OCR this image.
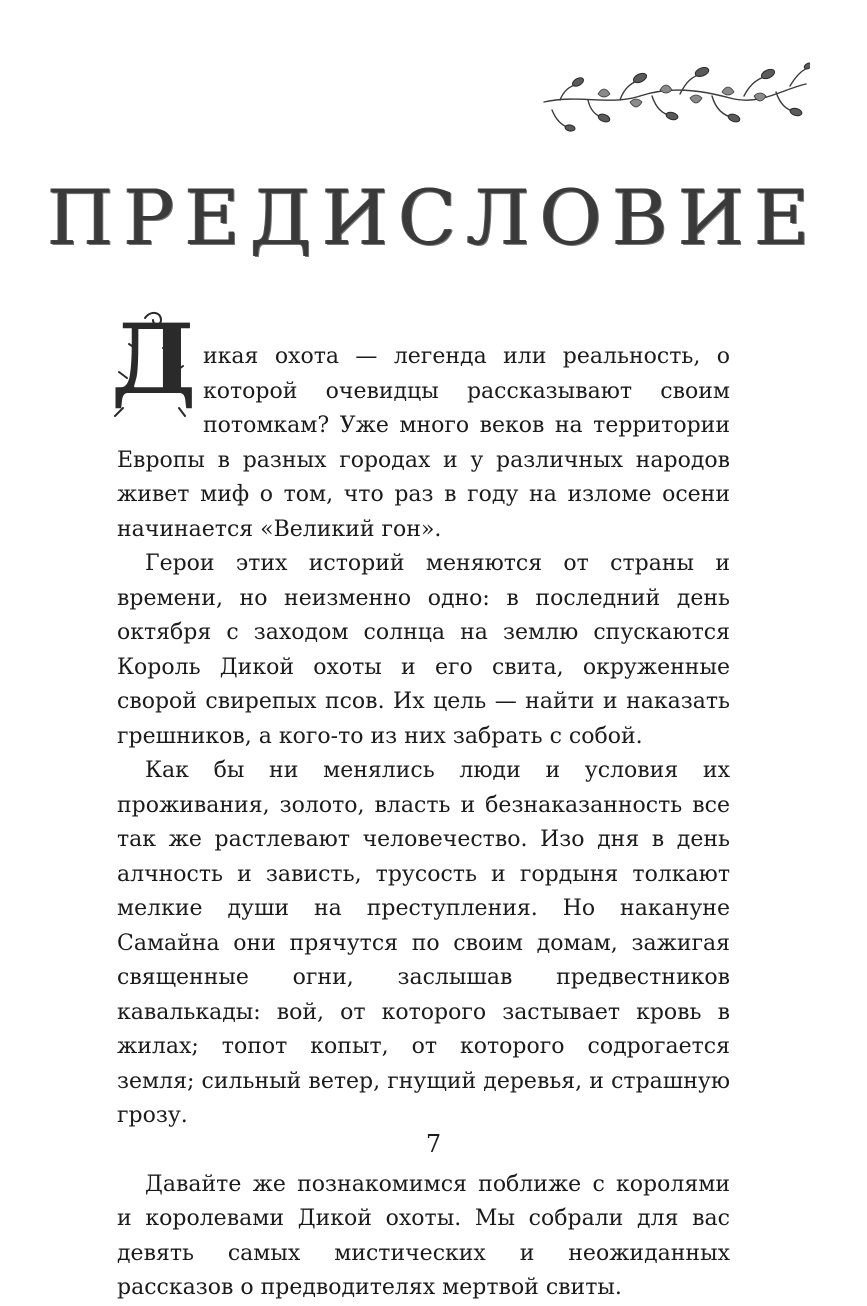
ПРЕДИСЛОВИЕ

Д икая охота — легенда или реальность, о которой очевидцы рассказывают своим потомкам? Уже много веков на территории Европы в разных городах и у различных народов живет миф о том, что раз в году на изломе осени начинается «Великий гон».

Герои этих историй меняются от страны и времени, но неизменно одно: в последний день октября с заходом солнца на землю спускаются Король Дикой охоты и его свита, окруженные сворой свирепых псов. Их цель — найти и наказать грешников, а кого-то из них забрать с собой.

Как бы ни менялись люди и условия их проживания, золото, власть и безнаказанность все так же растлевают человечество. Изо дня в день алчность и зависть, трусость и гордыня толкают мелкие души на преступления. Но накануне Самайна они прячутся по своим домам, зажигая священные огни, заслышав предвестников кавалькады: вой, от которого застывает кровь в жилах; топот копыт, от которого содрогается земля; сильный ветер, гнущий деревья, и страшную грозу.

Давайте же познакомимся поближе с королями и королевами Дикой охоты. Мы собрали для вас девять самых мистических и неожиданных рассказов о предводителях мертвой свиты.

7
